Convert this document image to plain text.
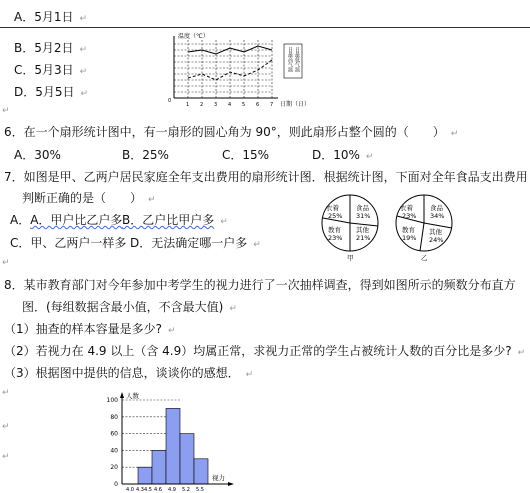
A．5月1日 ↵
B．5月2日 ↵
C．5月3日 ↵
D．5月5日 ↵
↵
温度（℃）
0
1 2 3 4 5 6 7 日期（日）
日最高气温 日最低气温
6．在一个扇形统计图中，有一扇形的圆心角为 90°，则此扇形占整个圆的（　　） ↵
A．30%	B．25%	C．15%	D．10% ↵
7．如图是甲、乙两户居民家庭全年支出费用的扇形统计图．根据统计图，下面对全年食品支出费用
判断正确的是（　　） ↵
A．A．甲户比乙户多 B．乙户比甲户多 ↵
C．甲、乙两户一样多 D．无法确定哪一户多 ↵
衣着
25%
食品
31%
其他
21%
教育
23%
甲
衣着
23%
食品
34%
其他
24%
教育
19%
乙
↵
8．某市教育部门对今年参加中考学生的视力进行了一次抽样调查，得到如图所示的频数分布直方
图．(每组数据含最小值，不含最大值) ↵
（1）抽查的样本容量是多少? ↵
（2）若视力在 4.9 以上（含 4.9）均属正常，求视力正常的学生占被统计人数的百分比是多少? ↵
（3）根据图中提供的信息，谈谈你的感想． ↵
↵
↵
↵
0
20
40
60
80
100
4.0 4.3 4.5 4.6 4.9 5.2 5.5
人数
视力
